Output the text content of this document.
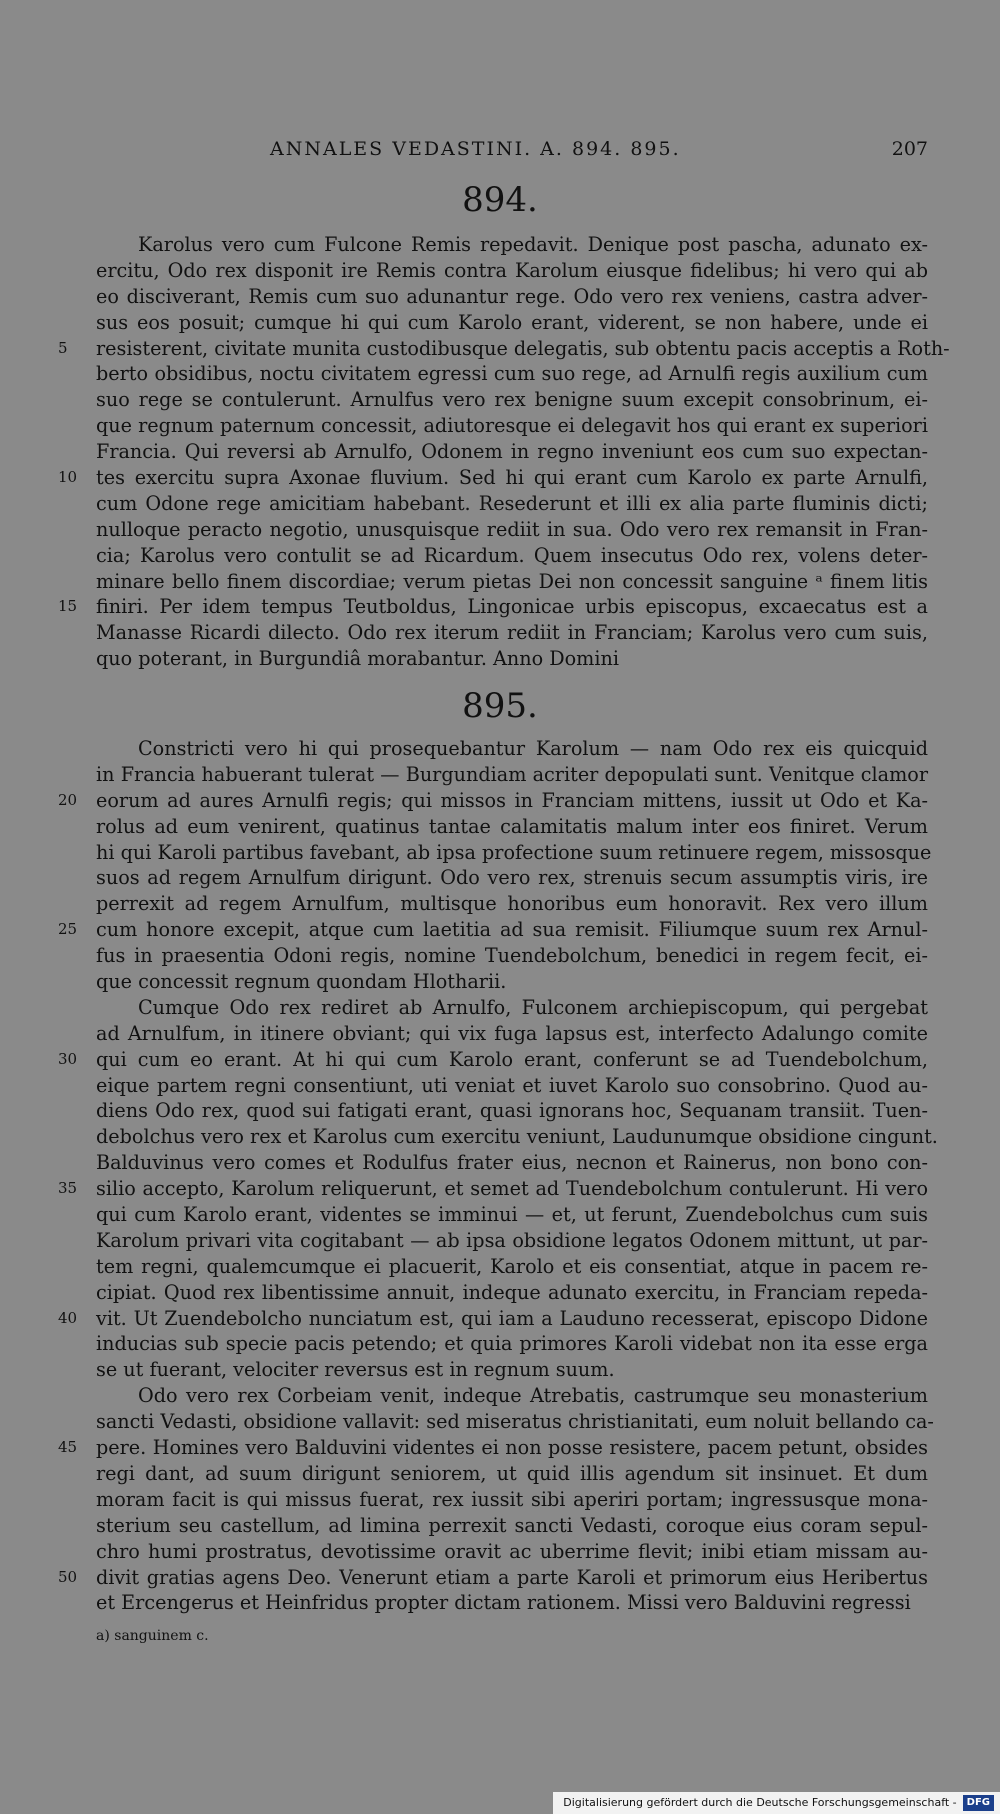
ANNALES VEDASTINI. A. 894. 895.	207
894.
Karolus vero cum Fulcone Remis repedavit. Denique post pascha, adunato ex-
ercitu, Odo rex disponit ire Remis contra Karolum eiusque fidelibus; hi vero qui ab
eo disciverant, Remis cum suo adunantur rege. Odo vero rex veniens, castra adver-
sus eos posuit; cumque hi qui cum Karolo erant, viderent, se non habere, unde ei
resisterent, civitate munita custodibusque delegatis, sub obtentu pacis acceptis a Roth-
5
berto obsidibus, noctu civitatem egressi cum suo rege, ad Arnulfi regis auxilium cum
suo rege se contulerunt. Arnulfus vero rex benigne suum excepit consobrinum, ei-
que regnum paternum concessit, adiutoresque ei delegavit hos qui erant ex superiori
Francia. Qui reversi ab Arnulfo, Odonem in regno inveniunt eos cum suo expectan-
tes exercitu supra Axonae fluvium. Sed hi qui erant cum Karolo ex parte Arnulfi,
10
cum Odone rege amicitiam habebant. Resederunt et illi ex alia parte fluminis dicti;
nulloque peracto negotio, unusquisque rediit in sua. Odo vero rex remansit in Fran-
cia; Karolus vero contulit se ad Ricardum. Quem insecutus Odo rex, volens deter-
minare bello finem discordiae; verum pietas Dei non concessit sanguine ᵃ finem litis
finiri. Per idem tempus Teutboldus, Lingonicae urbis episcopus, excaecatus est a
15
Manasse Ricardi dilecto. Odo rex iterum rediit in Franciam; Karolus vero cum suis,
quo poterant, in Burgundiâ morabantur. Anno Domini
895.
Constricti vero hi qui prosequebantur Karolum — nam Odo rex eis quicquid
in Francia habuerant tulerat — Burgundiam acriter depopulati sunt. Venitque clamor
eorum ad aures Arnulfi regis; qui missos in Franciam mittens, iussit ut Odo et Ka-
20
rolus ad eum venirent, quatinus tantae calamitatis malum inter eos finiret. Verum
hi qui Karoli partibus favebant, ab ipsa profectione suum retinuere regem, missosque
suos ad regem Arnulfum dirigunt. Odo vero rex, strenuis secum assumptis viris, ire
perrexit ad regem Arnulfum, multisque honoribus eum honoravit. Rex vero illum
cum honore excepit, atque cum laetitia ad sua remisit. Filiumque suum rex Arnul-
25
fus in praesentia Odoni regis, nomine Tuendebolchum, benedici in regem fecit, ei-
que concessit regnum quondam Hlotharii.
Cumque Odo rex rediret ab Arnulfo, Fulconem archiepiscopum, qui pergebat
ad Arnulfum, in itinere obviant; qui vix fuga lapsus est, interfecto Adalungo comite
qui cum eo erant. At hi qui cum Karolo erant, conferunt se ad Tuendebolchum,
30
eique partem regni consentiunt, uti veniat et iuvet Karolo suo consobrino. Quod au-
diens Odo rex, quod sui fatigati erant, quasi ignorans hoc, Sequanam transiit. Tuen-
debolchus vero rex et Karolus cum exercitu veniunt, Laudunumque obsidione cingunt.
Balduvinus vero comes et Rodulfus frater eius, necnon et Rainerus, non bono con-
silio accepto, Karolum reliquerunt, et semet ad Tuendebolchum contulerunt. Hi vero
35
qui cum Karolo erant, videntes se imminui — et, ut ferunt, Zuendebolchus cum suis
Karolum privari vita cogitabant — ab ipsa obsidione legatos Odonem mittunt, ut par-
tem regni, qualemcumque ei placuerit, Karolo et eis consentiat, atque in pacem re-
cipiat. Quod rex libentissime annuit, indeque adunato exercitu, in Franciam repeda-
vit. Ut Zuendebolcho nunciatum est, qui iam a Lauduno recesserat, episcopo Didone
40
inducias sub specie pacis petendo; et quia primores Karoli videbat non ita esse erga
se ut fuerant, velociter reversus est in regnum suum.
Odo vero rex Corbeiam venit, indeque Atrebatis, castrumque seu monasterium
sancti Vedasti, obsidione vallavit: sed miseratus christianitati, eum noluit bellando ca-
pere. Homines vero Balduvini videntes ei non posse resistere, pacem petunt, obsides
45
regi dant, ad suum dirigunt seniorem, ut quid illis agendum sit insinuet. Et dum
moram facit is qui missus fuerat, rex iussit sibi aperiri portam; ingressusque mona-
sterium seu castellum, ad limina perrexit sancti Vedasti, coroque eius coram sepul-
chro humi prostratus, devotissime oravit ac uberrime flevit; inibi etiam missam au-
divit gratias agens Deo. Venerunt etiam a parte Karoli et primorum eius Heribertus
50
et Ercengerus et Heinfridus propter dictam rationem. Missi vero Balduvini regressi
a) sanguinem c.
Digitalisierung gefördert durch die Deutsche Forschungsgemeinschaft -	DFG
